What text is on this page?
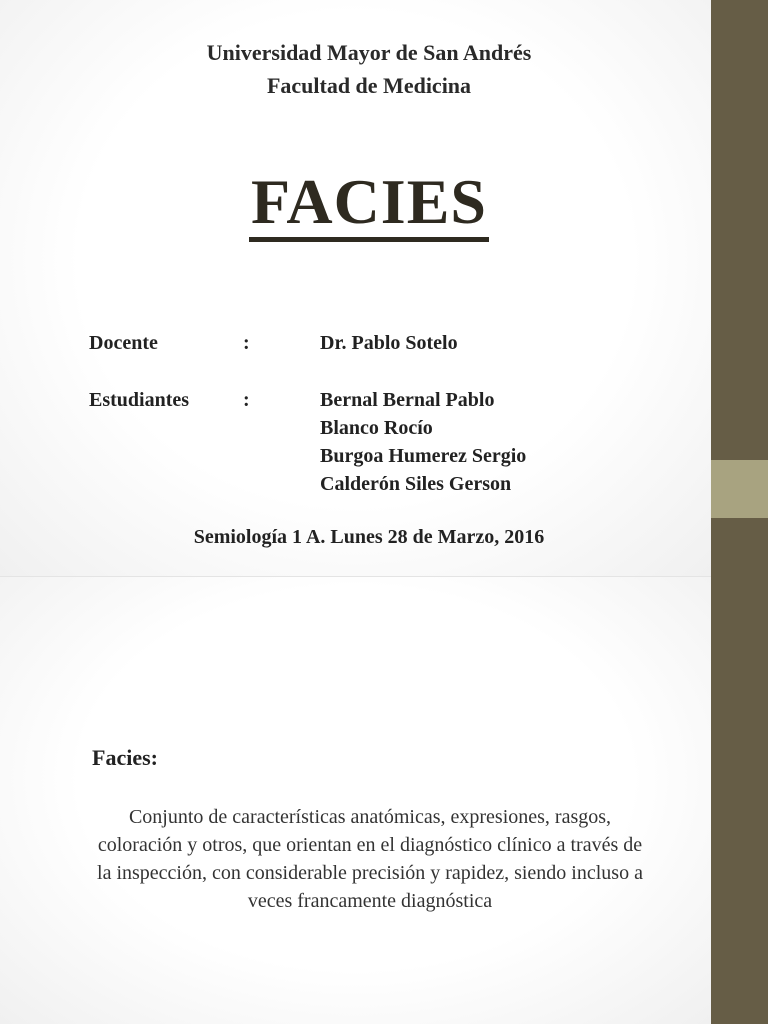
Universidad Mayor de San Andrés
Facultad de Medicina
FACIES
Docente	:	Dr. Pablo Sotelo
Estudiantes	:	Bernal Bernal Pablo
Blanco Rocío
Burgoa Humerez Sergio
Calderón Siles Gerson
Semiología 1 A. Lunes 28 de Marzo, 2016
Facies:
Conjunto de características anatómicas, expresiones, rasgos, coloración y otros, que orientan en el diagnóstico clínico a través de la inspección, con considerable precisión y rapidez, siendo incluso a veces francamente diagnóstica
